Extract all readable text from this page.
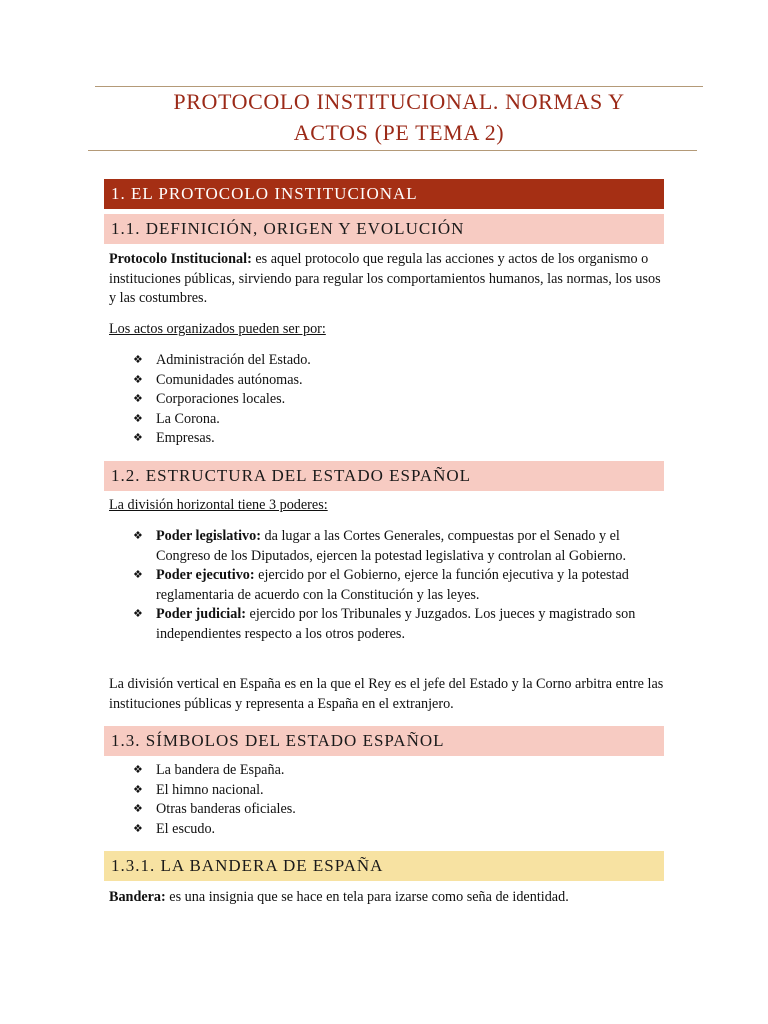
PROTOCOLO INSTITUCIONAL. NORMAS Y
ACTOS (PE TEMA 2)
1. EL PROTOCOLO INSTITUCIONAL
1.1. DEFINICIÓN, ORIGEN Y EVOLUCIÓN
Protocolo Institucional: es aquel protocolo que regula las acciones y actos de los organismo o instituciones públicas, sirviendo para regular los comportamientos humanos, las normas, los usos y las costumbres.
Los actos organizados pueden ser por:
❖ Administración del Estado.
❖ Comunidades autónomas.
❖ Corporaciones locales.
❖ La Corona.
❖ Empresas.
1.2. ESTRUCTURA DEL ESTADO ESPAÑOL
La división horizontal tiene 3 poderes:
❖ Poder legislativo: da lugar a las Cortes Generales, compuestas por el Senado y el Congreso de los Diputados, ejercen la potestad legislativa y controlan al Gobierno.
❖ Poder ejecutivo: ejercido por el Gobierno, ejerce la función ejecutiva y la potestad reglamentaria de acuerdo con la Constitución y las leyes.
❖ Poder judicial: ejercido por los Tribunales y Juzgados. Los jueces y magistrado son independientes respecto a los otros poderes.
La división vertical en España es en la que el Rey es el jefe del Estado y la Corno arbitra entre las instituciones públicas y representa a España en el extranjero.
1.3. SÍMBOLOS DEL ESTADO ESPAÑOL
❖ La bandera de España.
❖ El himno nacional.
❖ Otras banderas oficiales.
❖ El escudo.
1.3.1. LA BANDERA DE ESPAÑA
Bandera: es una insignia que se hace en tela para izarse como seña de identidad.
